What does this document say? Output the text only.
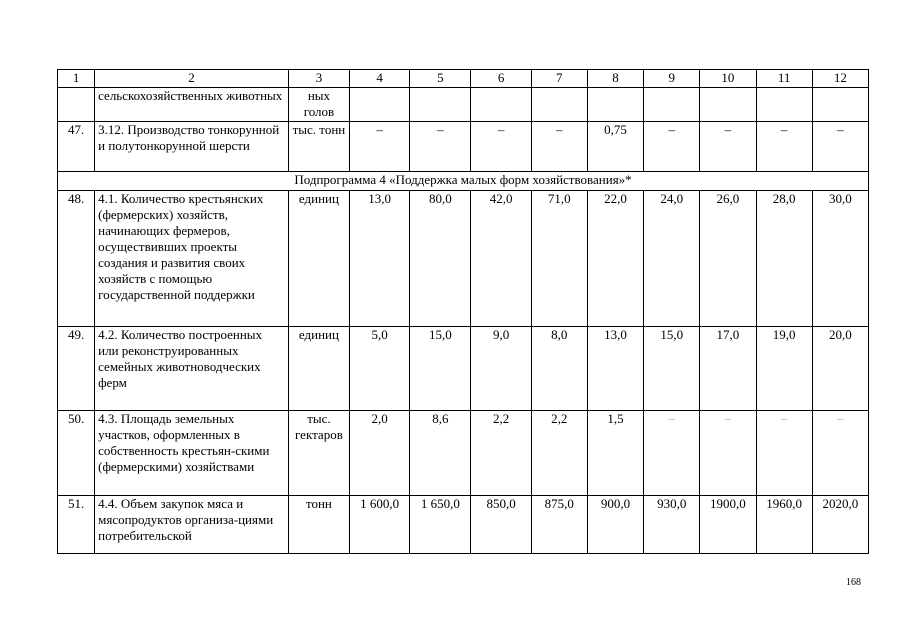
1	2	3	4	5	6	7	8	9	10	11	12
	сельскохозяйственных животных	ных голов									
47.	3.12. Производство тонкорунной и полутонкорунной шерсти	тыс. тонн	–	–	–	–	0,75	–	–	–	–
Подпрограмма 4 «Поддержка малых форм хозяйствования»*											
48.	4.1. Количество крестьянских (фермерских) хозяйств, начинающих фермеров, осуществивших проекты создания и развития своих хозяйств с помощью государственной поддержки	единиц	13,0	80,0	42,0	71,0	22,0	24,0	26,0	28,0	30,0
49.	4.2. Количество построенных или реконструированных семейных животноводческих ферм	единиц	5,0	15,0	9,0	8,0	13,0	15,0	17,0	19,0	20,0
50.	4.3. Площадь земельных участков, оформленных в собственность крестьян-скими (фермерскими) хозяйствами	тыс. гектаров	2,0	8,6	2,2	2,2	1,5	–	–	–	–
51.	4.4. Объем закупок мяса и мясопродуктов организа-циями потребительской	тонн	1 600,0	1 650,0	850,0	875,0	900,0	930,0	1900,0	1960,0	2020,0
168
